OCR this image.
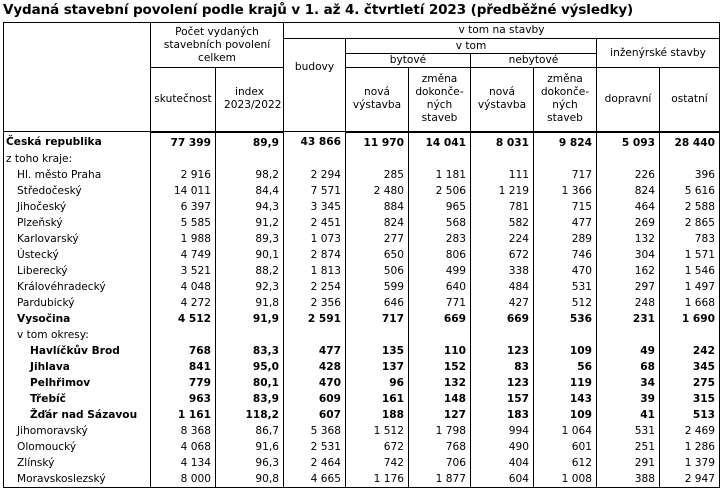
Vydaná stavební povolení podle krajů v 1. až 4. čtvrtletí 2023 (předběžné výsledky)
	Počet vydaných stavebních povolení celkem		v tom na stavby						
			budovy	v tom				inženýrské stavby	
				bytové		nebytové			
	skutečnost	index 2023/2022		nová výstavba	změna dokonče-ných staveb	nová výstavba	změna dokonče-ných staveb	dopravní	ostatní
Česká republika	77 399	89,9	43 866	11 970	14 041	8 031	9 824	5 093	28 440
z toho kraje:									
Hl. město Praha	2 916	98,2	2 294	285	1 181	111	717	226	396
Středočeský	14 011	84,4	7 571	2 480	2 506	1 219	1 366	824	5 616
Jihočeský	6 397	94,3	3 345	884	965	781	715	464	2 588
Plzeňský	5 585	91,2	2 451	824	568	582	477	269	2 865
Karlovarský	1 988	89,3	1 073	277	283	224	289	132	783
Ústecký	4 749	90,1	2 874	650	806	672	746	304	1 571
Liberecký	3 521	88,2	1 813	506	499	338	470	162	1 546
Královéhradecký	4 048	92,3	2 254	599	640	484	531	297	1 497
Pardubický	4 272	91,8	2 356	646	771	427	512	248	1 668
Vysočina	4 512	91,9	2 591	717	669	669	536	231	1 690
v tom okresy:									
Havlíčkův Brod	768	83,3	477	135	110	123	109	49	242
Jihlava	841	95,0	428	137	152	83	56	68	345
Pelhřimov	779	80,1	470	96	132	123	119	34	275
Třebíč	963	83,9	609	161	148	157	143	39	315
Žďár nad Sázavou	1 161	118,2	607	188	127	183	109	41	513
Jihomoravský	8 368	86,7	5 368	1 512	1 798	994	1 064	531	2 469
Olomoucký	4 068	91,6	2 531	672	768	490	601	251	1 286
Zlínský	4 134	96,3	2 464	742	706	404	612	291	1 379
Moravskoslezský	8 000	90,8	4 665	1 176	1 877	604	1 008	388	2 947
